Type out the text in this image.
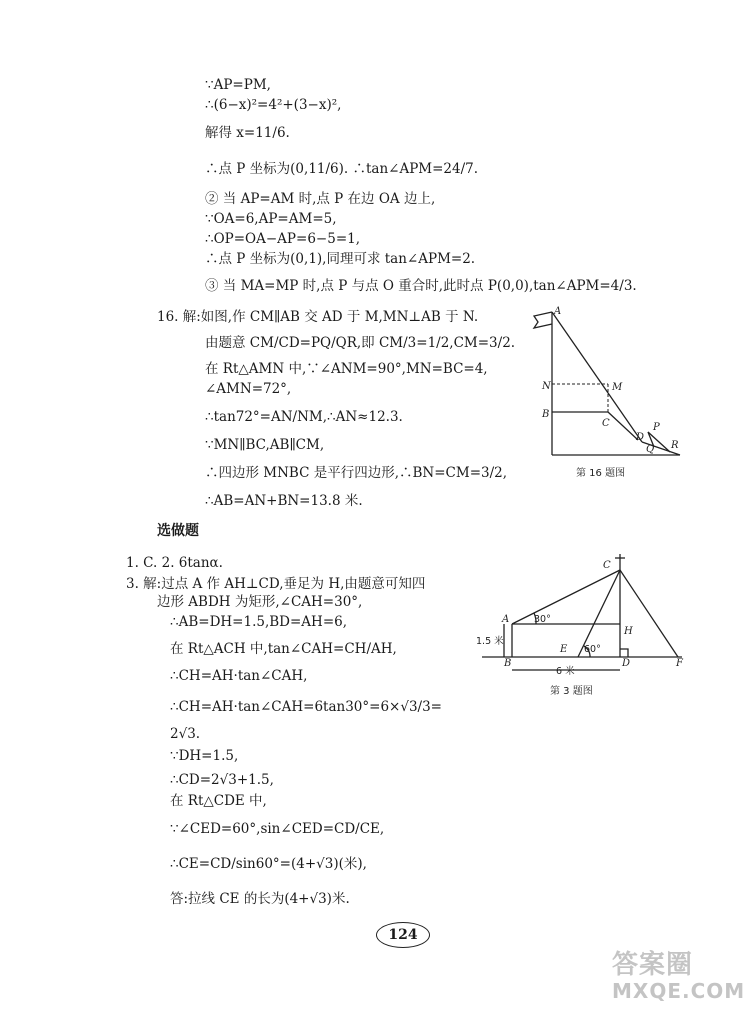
∵AP=PM,
∴(6−x)²=4²+(3−x)²,
解得 x=11/6.
∴点 P 坐标为(0,11/6). ∴tan∠APM=24/7.
② 当 AP=AM 时,点 P 在边 OA 边上,
∵OA=6,AP=AM=5,
∴OP=OA−AP=6−5=1,
∴点 P 坐标为(0,1),同理可求 tan∠APM=2.
③ 当 MA=MP 时,点 P 与点 O 重合时,此时点 P(0,0),tan∠APM=4/3.
16. 解:如图,作 CM∥AB 交 AD 于 M,MN⊥AB 于 N.
由题意 CM/CD=PQ/QR,即 CM/3=1/2,CM=3/2.
在 Rt△AMN 中,∵∠ANM=90°,MN=BC=4,
∠AMN=72°,
∴tan72°=AN/NM,∴AN≈12.3.
∵MN∥BC,AB∥CM,
∴四边形 MNBC 是平行四边形,∴BN=CM=3/2,
∴AB=AN+BN=13.8 米.
选做题
1. C. 2. 6tanα.
3. 解:过点 A 作 AH⊥CD,垂足为 H,由题意可知四
边形 ABDH 为矩形,∠CAH=30°,
∴AB=DH=1.5,BD=AH=6,
在 Rt△ACH 中,tan∠CAH=CH/AH,
∴CH=AH·tan∠CAH,
∴CH=AH·tan∠CAH=6tan30°=6×√3/3=
2√3.
∵DH=1.5,
∴CD=2√3+1.5,
在 Rt△CDE 中,
∵∠CED=60°,sin∠CED=CD/CE,
∴CE=CD/sin60°=(4+√3)(米),
答:拉线 CE 的长为(4+√3)米.
A
M
N
B
C
D
P
Q R
第 16 题图
C
A
H
B
E
D	F
30°
60°
1.5 米
6 米
第 3 题图
124
答案圈
MXQE.COM
